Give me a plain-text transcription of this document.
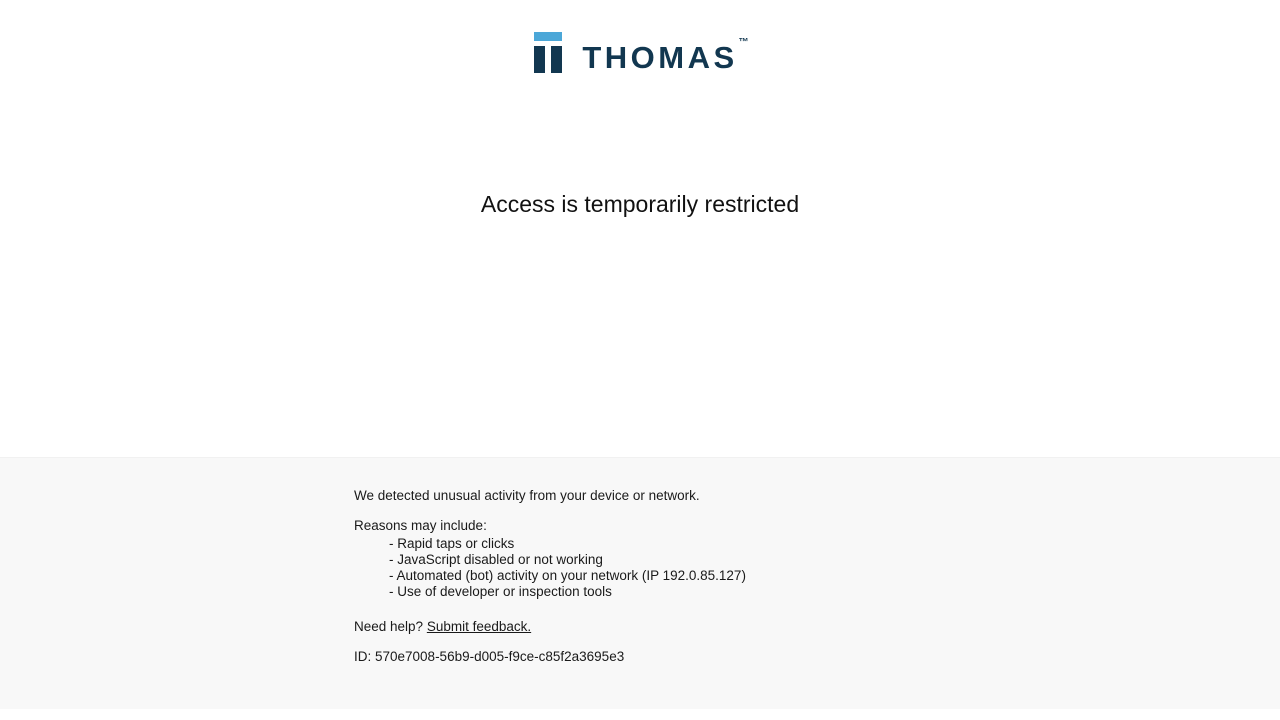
THOMAS™
Access is temporarily restricted

We detected unusual activity from your device or network.

Reasons may include:

- Rapid taps or clicks
- JavaScript disabled or not working
- Automated (bot) activity on your network (IP 192.0.85.127)
- Use of developer or inspection tools

Need help? Submit feedback.

ID: 570e7008-56b9-d005-f9ce-c85f2a3695e3
